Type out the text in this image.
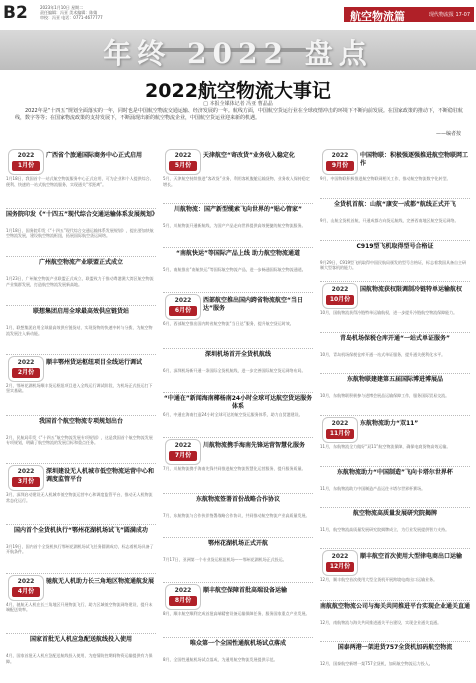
B2	2023年1月10日 星期二
责任编辑：冯亚 美术编辑：陈婧
审校：冯亚 电话：0771-4677777	航空物流篇	现代物流报 17-07
年终 2022 盘点
2022航空物流大事记
□ 本报全媒体记者 冯亚 曹晶晶
2022年是“十四五”规划全面落实的一年，同时也是中国航空物流交通运输、经济发展的一年。航线方面，中国航空货运行业在全球疫情冲击的环境下不断向前发展。在国家政策的推动下，不断稳驻航线，数字等等；在国家物流政策的支持发展下，不断涌现出新的航空物流企业，中国航空货运业迎来新的机遇。
——编者按
2022
1月份
广西省个旅通国际商务中心正式启用
1月18日，我国首个一站式航空物流服务中心正式启用，可为企业和个人提供综合、便利、快速的一站式航空物流服务，实现通关“零距离”。
国务院印发《“十四五”现代综合交通运输体系发展规划》
1月18日，国务院印发《“十四五”现代综合交通运输体系发展规划》，提出要加快航空物流发展，建设航空物流枢纽，拓展国际航空货运网络。
广州航空物流产业联盟正式成立
1月23日，广州航空物流产业联盟正式成立，联盟致力于推动粤港澳大湾区航空物流产业集群发展，打造航空物流发展新高地。
联想集团启用全球最高效供应链货站
1月，联想集团启用全球最高效供应链货站，实现货物的快速中转与分拨，为航空物流发展注入新动能。
2022
2月份
顺丰鄂州货运枢纽项目全线运行调试
2月，鄂州花湖机场顺丰货运枢纽项目进入全线运行调试阶段，为机场正式投运打下坚实基础。
我国首个航空物流专项规划出台
2月，民航局印发《“十四五”航空物流发展专项规划》，这是我国首个航空物流发展专项规划，明确了航空物流的发展目标和重点任务。
2022
3月份
深圳建设无人机城市低空物流运营中心和调度监管平台
3月，深圳启动建设无人机城市低空物流运营中心和调度监管平台，推动无人机物流常态化运行。
国内首个全货机执行“鄂州花湖机场试飞”圆满成功
3月19日，国内首个全货机执行鄂州花湖机场试飞任务圆满成功，标志着机场具备了开航条件。
2022
4月份
驰航无人机助力长三角地区物流通航发展
4月，驰航无人机在长三角地区开展物流飞行，助力区域低空物流网络建设，提升末端配送效率。
国家首批无人机应急配送航线投入使用
4月，国家首批无人机应急配送航线投入使用，为疫情防控期间物资运输提供有力保障。
2022
5月份
天津航空“寄改货”业务收入稳定化
5月，天津航空持续推进“客改货”业务，利用客机腹舱运输货物，业务收入保持稳定增长。
川航物流：国产新型缆索飞向世界的“贴心管家”
5月，川航物流开通新航线，为国产产品走向世界提供高效便捷的航空物流服务。
“南航快运”等国际产品上线 助力航空物流通道
5月，南航推出“南航快运”等国际航空物流产品，进一步畅通国际航空物流通道。
2022
6月份
西部航空推出国内跨省物流航空“当日达”服务
6月，西部航空推出国内跨省航空物流“当日达”服务，提升航空货运时效。
深圳机场首开全货机航线
6月，深圳机场新开通一条国际全货机航线，进一步完善国际航空货运网络布局。
“中通在”新闻海南椰杨南24小时全球可达航空货运服务体系
6月，中通在海南打造24小时全球可达的航空货运服务体系，助力自贸港建设。
2022
7月份
川航物流携手海南先锋运营智慧化服务
7月，川航物流携手海南先锋共同推进航空物流智慧化运营服务，提升服务质量。
东航物流签署首份战略合作协议
7月，东航物流与合作伙伴签署战略合作协议，共同推动航空物流产业高质量发展。
鄂州花湖机场正式开航
7月17日，亚洲第一个专业货运枢纽机场——鄂州花湖机场正式投运。
2022
8月份
顺丰航空保障首批高端设备运输
8月，顺丰航空顺利完成首批高端精密设备运输保障任务，服务国家重点产业发展。
唯众第一个全国性通航机场试点落成
8月，全国性通航机场试点落成，为通用航空物流发展提供示范。
2022
9月份
中国物联：积极强逐强推进航空物联网工作
9月，中国物联积极推进航空物联网相关工作，推动航空物流数字化转型。
全货机首航：山航“康安一成都”航线正式开飞
9月，山航全货机首航，开通成都方向货运航线，完善西南地区航空货运网络。
C919型飞机取得型号合格证
9月29日，C919型飞机取得中国民航局颁发的型号合格证，标志着我国具备自主研制大型客机的能力。
2022
10月份
国航物流获权限调制冷链特单运输航权
10月，国航物流获得冷链特单运输航权，进一步提升冷链航空物流保障能力。
青岛机场保税仓库开通“一站式单证服务”
10月，青岛机场保税仓库开通一站式单证服务，提升通关便利化水平。
东航物联建建第五届国际博进博展品
10月，东航物联积极参与进博会展品运输保障工作，服务国际贸易交流。
2022
11月份
东航物流助力“双11”
11月，东航物流全力做好“双11”航空物流保障，确保电商货物高效运输。
东航物流助力“中国制造”飞向卡塔尔世界杯
11月，东航物流助力中国制造产品运往卡塔尔世界杯赛场。
航空物流高质量发展研究院揭牌
11月，航空物流高质量发展研究院揭牌成立，为行业发展提供智力支持。
2022
12月份
顺丰航空首次使用大型律电商出口运输
12月，顺丰航空首次使用大型全货机开展跨境电商出口运输业务。
南航航空物流公司与海关共同推进平台实现企业通关直通
12月，南航物流与海关共同推进通关平台建设，实现企业通关直通。
国泰两港一架进货757全货机加码航空物流
12月，国泰航空新增一架757全货机，加码航空物流运力投入。
